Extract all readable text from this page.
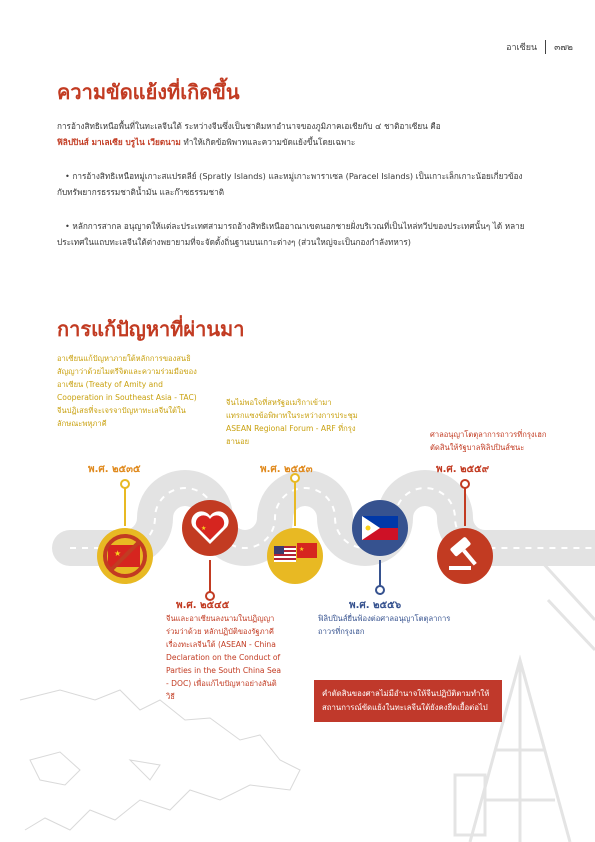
★
★
★
อาเซียน ๓๗๒
ความขัดแย้งที่เกิดขึ้น

การอ้างสิทธิเหนือพื้นที่ในทะเลจีนใต้ ระหว่างจีนซึ่งเป็นชาติมหาอำนาจของภูมิภาคเอเชียกับ ๔ ชาติอาเซียน คือ
ฟิลิปปินส์ มาเลเซีย บรูไน เวียดนาม ทำให้เกิดข้อพิพาทและความขัดแย้งขึ้นโดยเฉพาะ

• การอ้างสิทธิเหนือหมู่เกาะสแปรตลีย์ (Spratly Islands) และหมู่เกาะพาราเซล (Paracel Islands) เป็นเกาะเล็กเกาะน้อยเกี่ยวข้องกับทรัพยากรธรรมชาติน้ำมัน และก๊าซธรรมชาติ

• หลักการสากล อนุญาตให้แต่ละประเทศสามารถอ้างสิทธิเหนืออาณาเขตนอกชายฝั่งบริเวณที่เป็นไหล่ทวีปของประเทศนั้นๆ ได้ หลายประเทศในแถบทะเลจีนใต้ต่างพยายามที่จะจัดตั้งถิ่นฐานบนเกาะต่างๆ (ส่วนใหญ่จะเป็นกองกำลังทหาร)

การแก้ปัญหาที่ผ่านมา

อาเซียนแก้ปัญหาภายใต้หลักการของสนธิสัญญาว่าด้วยไมตรีจิตและความร่วมมือของอาเซียน (Treaty of Amity and Cooperation in Southeast Asia - TAC) จีนปฏิเสธที่จะเจรจาปัญหาทะเลจีนใต้ในลักษณะพหุภาคี

พ.ศ. ๒๕๓๕

จีนไม่พอใจที่สหรัฐอเมริกาเข้ามาแทรกแซงข้อพิพาทในระหว่างการประชุม ASEAN Regional Forum - ARF ที่กรุงฮานอย

พ.ศ. ๒๕๕๓

ศาลอนุญาโตตุลาการถาวรที่กรุงเฮกตัดสินให้รัฐบาลฟิลิปปินส์ชนะ

พ.ศ. ๒๕๕๙
พ.ศ. ๒๕๔๕

จีนและอาเซียนลงนามในปฏิญญาร่วมว่าด้วย หลักปฏิบัติของรัฐภาคีเรื่องทะเลจีนใต้ (ASEAN - China Declaration on the Conduct of Parties in the South China Sea - DOC) เพื่อแก้ไขปัญหาอย่างสันติวิธี

พ.ศ. ๒๕๕๖

ฟิลิปปินส์ยื่นฟ้องต่อศาลอนุญาโตตุลาการถาวรที่กรุงเฮก

คำตัดสินของศาลไม่มีอำนาจให้จีนปฏิบัติตามทำให้สถานการณ์ขัดแย้งในทะเลจีนใต้ยังคงยืดเยื้อต่อไป
